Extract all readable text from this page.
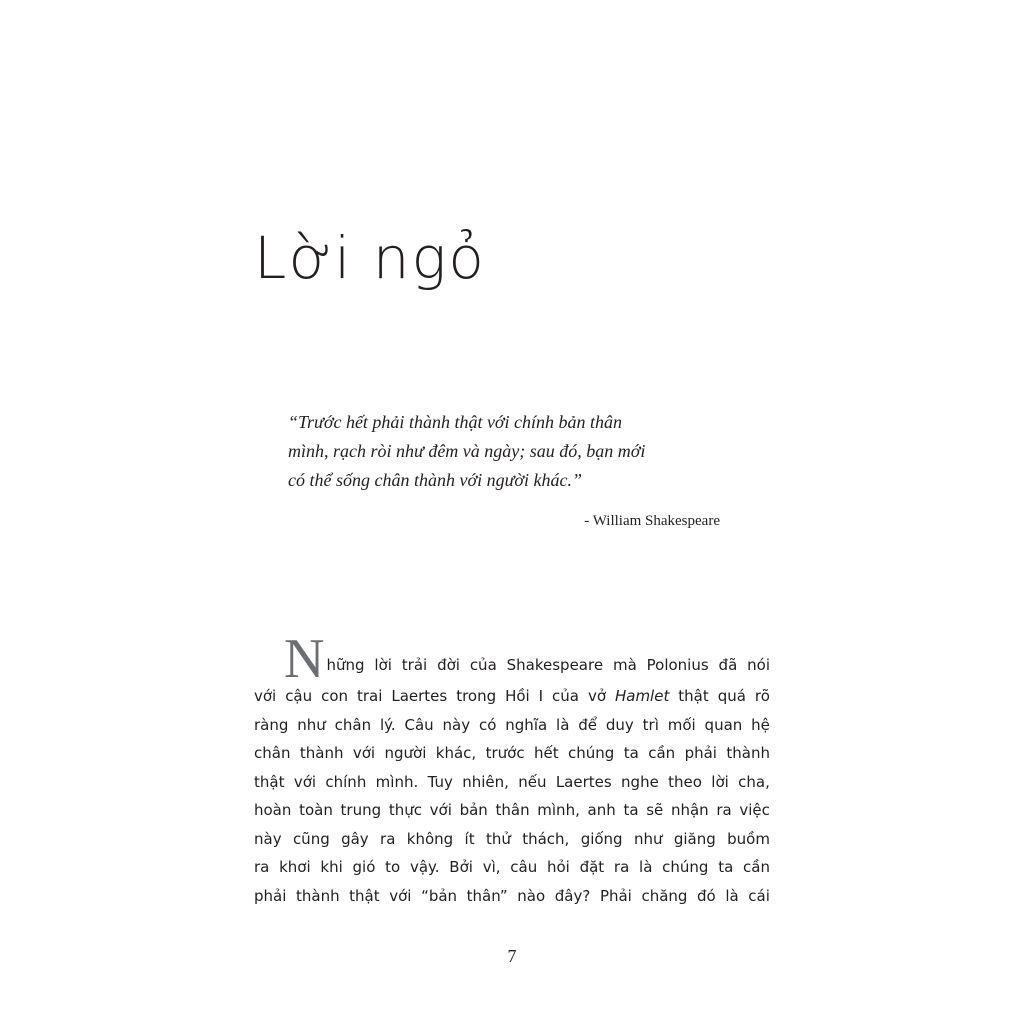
Lời ngỏ
“Trước hết phải thành thật với chính bản thân
mình, rạch ròi như đêm và ngày; sau đó, bạn mới
có thể sống chân thành với người khác.”
- William Shakespeare
N hững lời trải đời của Shakespeare mà Polonius đã nói
với cậu con trai Laertes trong Hồi I của vở Hamlet thật quá rõ
ràng như chân lý. Câu này có nghĩa là để duy trì mối quan hệ
chân thành với người khác, trước hết chúng ta cần phải thành
thật với chính mình. Tuy nhiên, nếu Laertes nghe theo lời cha,
hoàn toàn trung thực với bản thân mình, anh ta sẽ nhận ra việc
này cũng gây ra không ít thử thách, giống như giăng buồm
ra khơi khi gió to vậy. Bởi vì, câu hỏi đặt ra là chúng ta cần
phải thành thật với “bản thân” nào đây? Phải chăng đó là cái
7
